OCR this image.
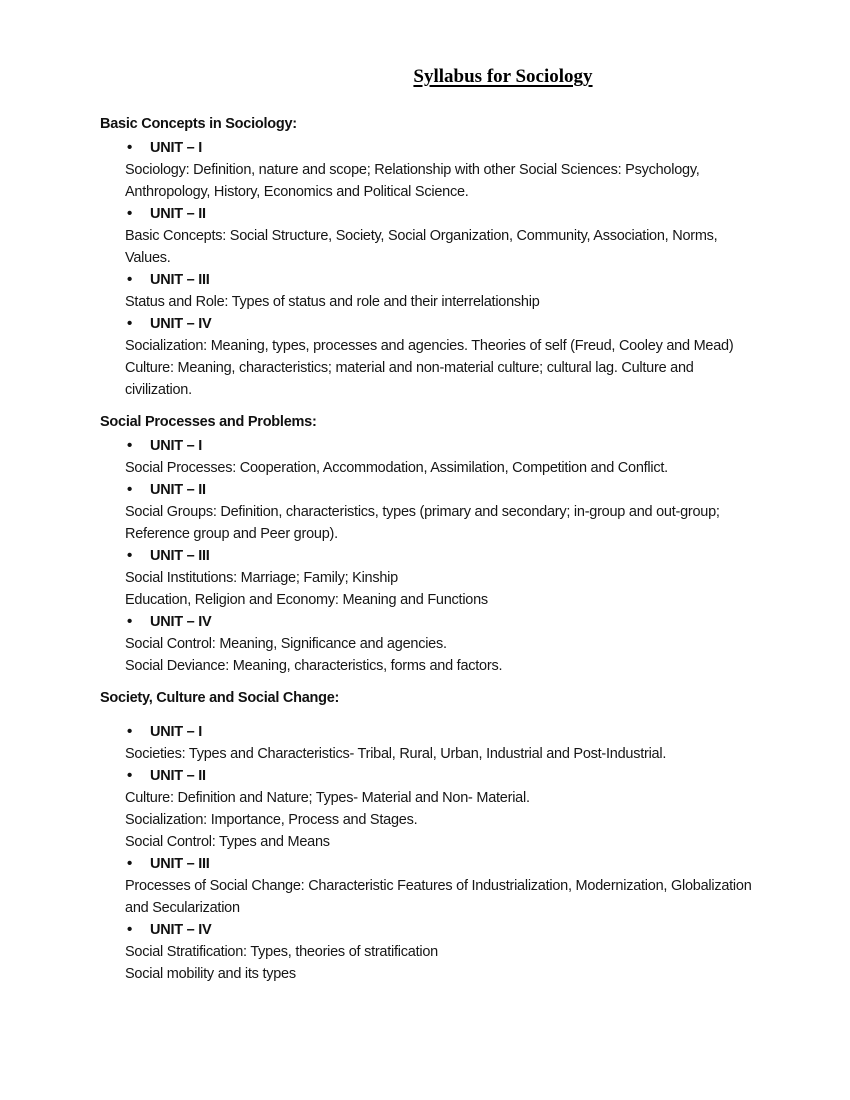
Syllabus for Sociology
Basic Concepts in Sociology:
•	UNIT – I
Sociology: Definition, nature and scope; Relationship with other Social Sciences: Psychology, Anthropology, History, Economics and Political Science.
•	UNIT – II
Basic Concepts: Social Structure, Society, Social Organization, Community, Association, Norms, Values.
•	UNIT – III
Status and Role: Types of status and role and their interrelationship
•	UNIT – IV
Socialization: Meaning, types, processes and agencies. Theories of self (Freud, Cooley and Mead) Culture: Meaning, characteristics; material and non-material culture; cultural lag. Culture and civilization.
Social Processes and Problems:
•	UNIT – I
Social Processes: Cooperation, Accommodation, Assimilation, Competition and Conflict.
•	UNIT – II
Social Groups: Definition, characteristics, types (primary and secondary; in-group and out-group; Reference group and Peer group).
•	UNIT – III
Social Institutions: Marriage; Family; Kinship
Education, Religion and Economy: Meaning and Functions
•	UNIT – IV
Social Control: Meaning, Significance and agencies.
Social Deviance: Meaning, characteristics, forms and factors.
Society, Culture and Social Change:
•	UNIT – I
Societies: Types and Characteristics- Tribal, Rural, Urban, Industrial and Post-Industrial.
•	UNIT – II
Culture: Definition and Nature; Types- Material and Non- Material.
Socialization: Importance, Process and Stages.
Social Control: Types and Means
•	UNIT – III
Processes of Social Change: Characteristic Features of Industrialization, Modernization, Globalization and Secularization
•	UNIT – IV
Social Stratification: Types, theories of stratification
Social mobility and its types
